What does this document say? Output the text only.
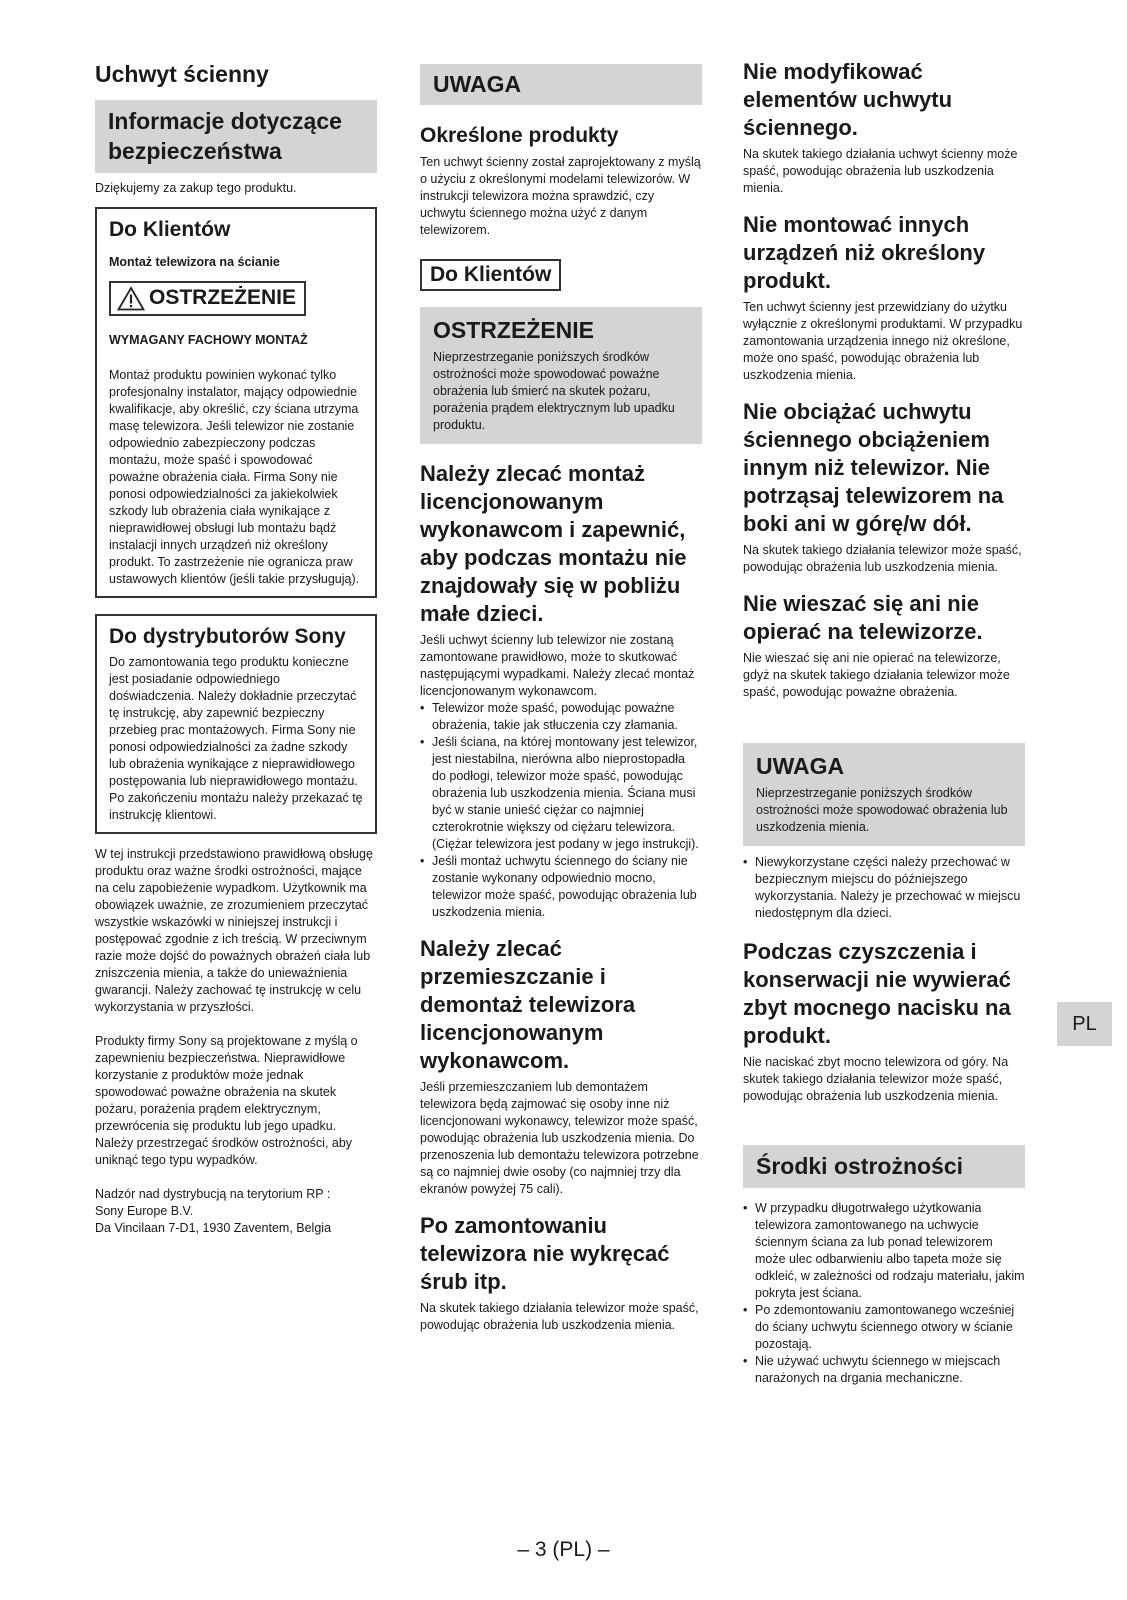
Uchwyt ścienny
Informacje dotyczące bezpieczeństwa

Dziękujemy za zakup tego produktu.

Do Klientów

Montaż telewizora na ścianie

OSTRZEŻENIE

WYMAGANY FACHOWY MONTAŻ

Montaż produktu powinien wykonać tylko profesjonalny instalator, mający odpowiednie kwalifikacje, aby określić, czy ściana utrzyma masę telewizora. Jeśli telewizor nie zostanie odpowiednio zabezpieczony podczas montażu, może spaść i spowodować poważne obrażenia ciała. Firma Sony nie ponosi odpowiedzialności za jakiekolwiek szkody lub obrażenia ciała wynikające z nieprawidłowej obsługi lub montażu bądź instalacji innych urządzeń niż określony produkt. To zastrzeżenie nie ogranicza praw ustawowych klientów (jeśli takie przysługują).

Do dystrybutorów Sony

Do zamontowania tego produktu konieczne jest posiadanie odpowiedniego doświadczenia. Należy dokładnie przeczytać tę instrukcję, aby zapewnić bezpieczny przebieg prac montażowych. Firma Sony nie ponosi odpowiedzialności za żadne szkody lub obrażenia wynikające z nieprawidłowego postępowania lub nieprawidłowego montażu. Po zakończeniu montażu należy przekazać tę instrukcję klientowi.

W tej instrukcji przedstawiono prawidłową obsługę produktu oraz ważne środki ostrożności, mające na celu zapobieżenie wypadkom. Użytkownik ma obowiązek uważnie, ze zrozumieniem przeczytać wszystkie wskazówki w niniejszej instrukcji i postępować zgodnie z ich treścią. W przeciwnym razie może dojść do poważnych obrażeń ciała lub zniszczenia mienia, a także do unieważnienia gwarancji. Należy zachować tę instrukcję w celu wykorzystania w przyszłości.

Produkty firmy Sony są projektowane z myślą o zapewnieniu bezpieczeństwa. Nieprawidłowe korzystanie z produktów może jednak spowodować poważne obrażenia na skutek pożaru, porażenia prądem elektrycznym, przewrócenia się produktu lub jego upadku. Należy przestrzegać środków ostrożności, aby uniknąć tego typu wypadków.

Nadzór nad dystrybucją na terytorium RP :

Sony Europe B.V.

Da Vincilaan 7-D1, 1930 Zaventem, Belgia

UWAGA
Określone produkty

Ten uchwyt ścienny został zaprojektowany z myślą o użyciu z określonymi modelami telewizorów. W instrukcji telewizora można sprawdzić, czy uchwytu ściennego można użyć z danym telewizorem.

Do Klientów
OSTRZEŻENIE

Nieprzestrzeganie poniższych środków ostrożności może spowodować poważne obrażenia lub śmierć na skutek pożaru, porażenia prądem elektrycznym lub upadku produktu.

Należy zlecać montaż licencjonowanym wykonawcom i zapewnić, aby podczas montażu nie znajdowały się w pobliżu małe dzieci.

Jeśli uchwyt ścienny lub telewizor nie zostaną zamontowane prawidłowo, może to skutkować następującymi wypadkami. Należy zlecać montaż licencjonowanym wykonawcom.

• Telewizor może spaść, powodując poważne obrażenia, takie jak stłuczenia czy złamania.
• Jeśli ściana, na której montowany jest telewizor, jest niestabilna, nierówna albo nieprostopadła do podłogi, telewizor może spaść, powodując obrażenia lub uszkodzenia mienia. Ściana musi być w stanie unieść ciężar co najmniej czterokrotnie większy od ciężaru telewizora. (Ciężar telewizora jest podany w jego instrukcji).
• Jeśli montaż uchwytu ściennego do ściany nie zostanie wykonany odpowiednio mocno, telewizor może spaść, powodując obrażenia lub uszkodzenia mienia.
Należy zlecać przemieszczanie i demontaż telewizora licencjonowanym wykonawcom.

Jeśli przemieszczaniem lub demontażem telewizora będą zajmować się osoby inne niż licencjonowani wykonawcy, telewizor może spaść, powodując obrażenia lub uszkodzenia mienia. Do przenoszenia lub demontażu telewizora potrzebne są co najmniej dwie osoby (co najmniej trzy dla ekranów powyżej 75 cali).

Po zamontowaniu telewizora nie wykręcać śrub itp.

Na skutek takiego działania telewizor może spaść, powodując obrażenia lub uszkodzenia mienia.

Nie modyfikować elementów uchwytu ściennego.

Na skutek takiego działania uchwyt ścienny może spaść, powodując obrażenia lub uszkodzenia mienia.

Nie montować innych urządzeń niż określony produkt.

Ten uchwyt ścienny jest przewidziany do użytku wyłącznie z określonymi produktami. W przypadku zamontowania urządzenia innego niż określone, może ono spaść, powodując obrażenia lub uszkodzenia mienia.

Nie obciążać uchwytu ściennego obciążeniem innym niż telewizor. Nie potrząsaj telewizorem na boki ani w górę/w dół.

Na skutek takiego działania telewizor może spaść, powodując obrażenia lub uszkodzenia mienia.

Nie wieszać się ani nie opierać na telewizorze.

Nie wieszać się ani nie opierać na telewizorze, gdyż na skutek takiego działania telewizor może spaść, powodując poważne obrażenia.

UWAGA

Nieprzestrzeganie poniższych środków ostrożności może spowodować obrażenia lub uszkodzenia mienia.

• Niewykorzystane części należy przechować w bezpiecznym miejscu do późniejszego wykorzystania. Należy je przechować w miejscu niedostępnym dla dzieci.
Podczas czyszczenia i konserwacji nie wywierać zbyt mocnego nacisku na produkt.

Nie naciskać zbyt mocno telewizora od góry. Na skutek takiego działania telewizor może spaść, powodując obrażenia lub uszkodzenia mienia.

Środki ostrożności
• W przypadku długotrwałego użytkowania telewizora zamontowanego na uchwycie ściennym ściana za lub ponad telewizorem może ulec odbarwieniu albo tapeta może się odkleić, w zależności od rodzaju materiału, jakim pokryta jest ściana.
• Po zdemontowaniu zamontowanego wcześniej do ściany uchwytu ściennego otwory w ścianie pozostają.
• Nie używać uchwytu ściennego w miejscach narażonych na drgania mechaniczne.
PL
– 3 (PL) –
